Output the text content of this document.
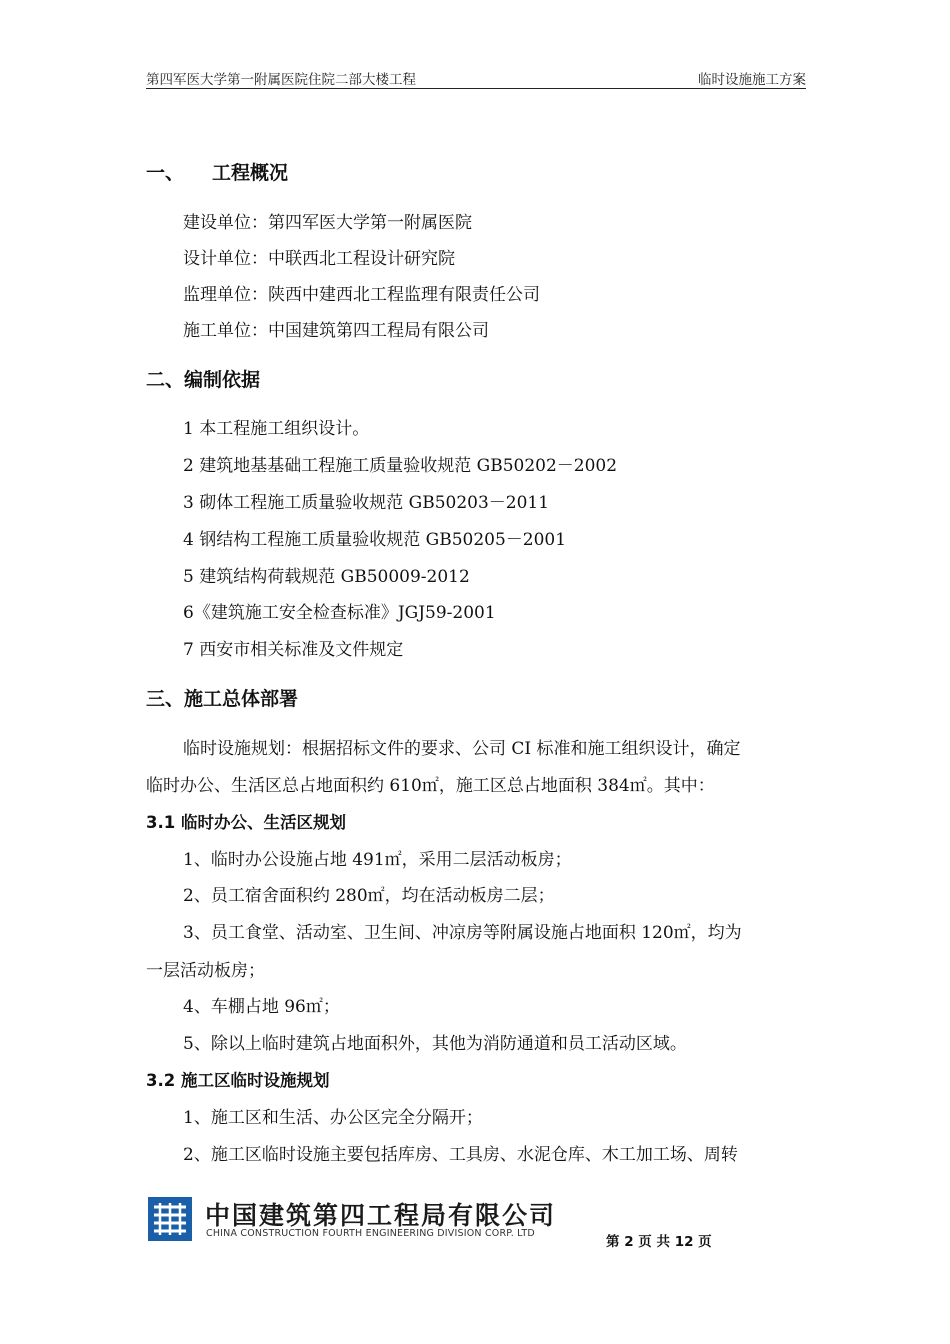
第四军医大学第一附属医院住院二部大楼工程	临时设施施工方案
一、 工程概况
建设单位：第四军医大学第一附属医院
设计单位：中联西北工程设计研究院
监理单位：陕西中建西北工程监理有限责任公司
施工单位：中国建筑第四工程局有限公司
二、编制依据
1 本工程施工组织设计。
2 建筑地基基础工程施工质量验收规范 GB50202－2002
3 砌体工程施工质量验收规范 GB50203－2011
4 钢结构工程施工质量验收规范 GB50205－2001
5 建筑结构荷载规范 GB50009-2012
6《建筑施工安全检查标准》JGJ59-2001
7 西安市相关标准及文件规定
三、施工总体部署
临时设施规划：根据招标文件的要求、公司 CI 标准和施工组织设计，确定
临时办公、生活区总占地面积约 610㎡，施工区总占地面积 384㎡。其中：
3.1 临时办公、生活区规划
1、临时办公设施占地 491㎡，采用二层活动板房；
2、员工宿舍面积约 280㎡，均在活动板房二层；
3、员工食堂、活动室、卫生间、冲凉房等附属设施占地面积 120㎡，均为
一层活动板房；
4、车棚占地 96㎡；
5、除以上临时建筑占地面积外，其他为消防通道和员工活动区域。
3.2 施工区临时设施规划
1、施工区和生活、办公区完全分隔开；
2、施工区临时设施主要包括库房、工具房、水泥仓库、木工加工场、周转
中国建筑第四工程局有限公司
CHINA CONSTRUCTION FOURTH ENGINEERING DIVISION CORP. LTD
第 2 页 共 12 页
